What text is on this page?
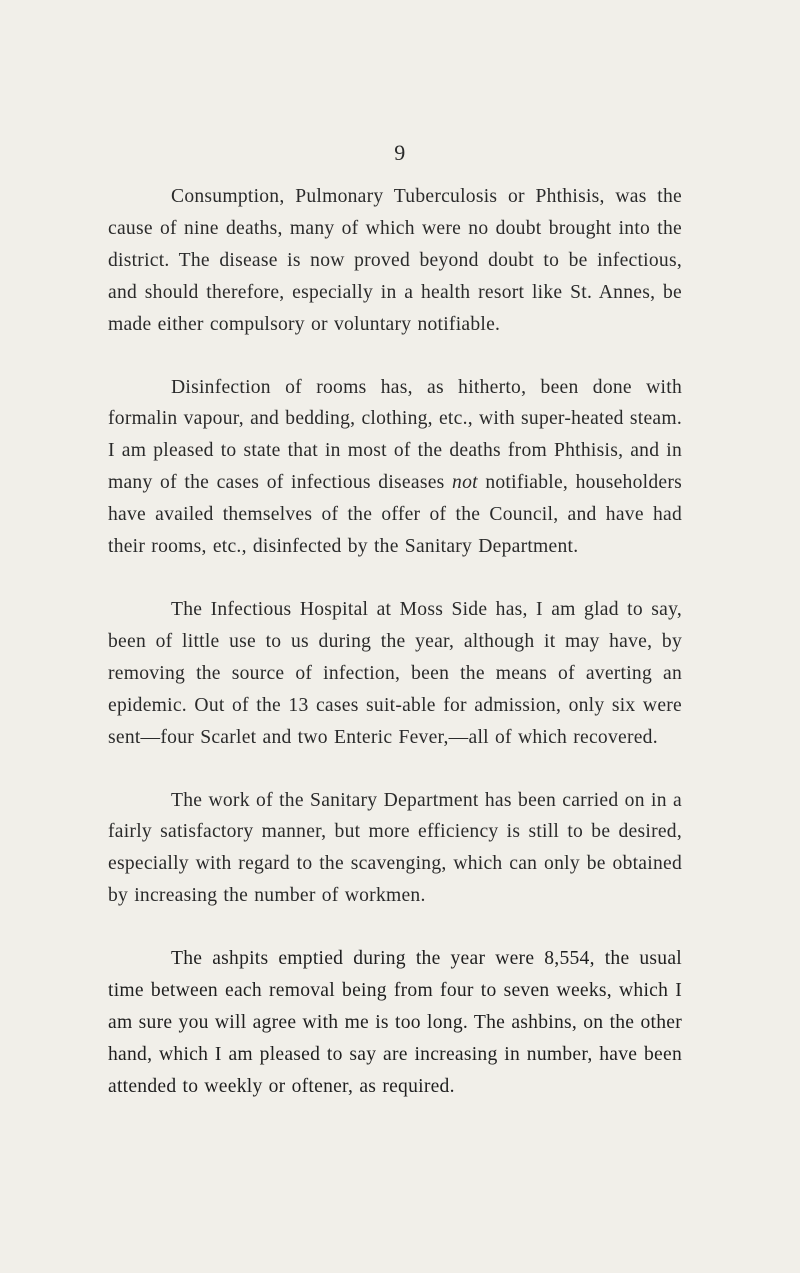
9

Consumption, Pulmonary Tuberculosis or Phthisis, was the cause of nine deaths, many of which were no doubt brought into the district. The disease is now proved beyond doubt to be infectious, and should therefore, especially in a health resort like St. Annes, be made either compulsory or voluntary notifiable.

Disinfection of rooms has, as hitherto, been done with formalin vapour, and bedding, clothing, etc., with super-heated steam. I am pleased to state that in most of the deaths from Phthisis, and in many of the cases of infectious diseases not notifiable, householders have availed themselves of the offer of the Council, and have had their rooms, etc., disinfected by the Sanitary Department.

The Infectious Hospital at Moss Side has, I am glad to say, been of little use to us during the year, although it may have, by removing the source of infection, been the means of averting an epidemic. Out of the 13 cases suit-able for admission, only six were sent—four Scarlet and two Enteric Fever,—all of which recovered.

The work of the Sanitary Department has been carried on in a fairly satisfactory manner, but more efficiency is still to be desired, especially with regard to the scavenging, which can only be obtained by increasing the number of workmen.

The ashpits emptied during the year were 8,554, the usual time between each removal being from four to seven weeks, which I am sure you will agree with me is too long. The ashbins, on the other hand, which I am pleased to say are increasing in number, have been attended to weekly or oftener, as required.
